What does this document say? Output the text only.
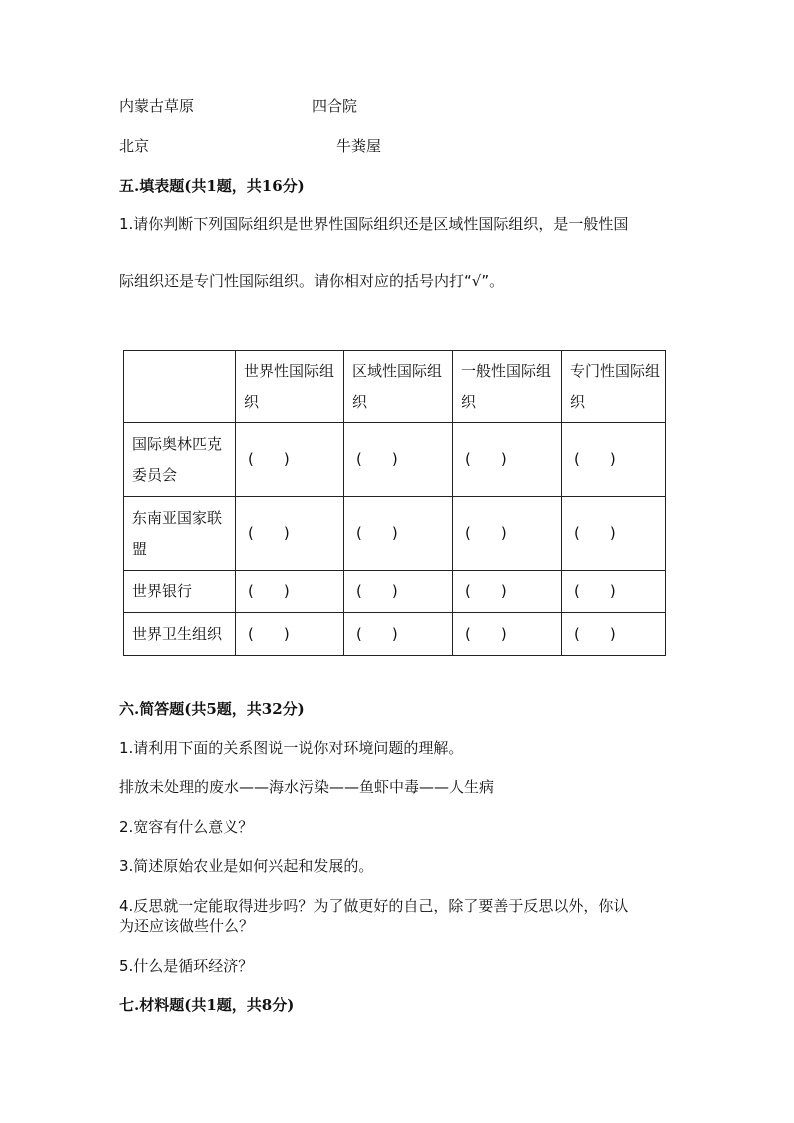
内蒙古草原	四合院
北京	牛粪屋
五.填表题(共1题，共16分)
1.请你判断下列国际组织是世界性国际组织还是区域性国际组织，是一般性国
际组织还是专门性国际组织。请你相对应的括号内打“√”。
	世界性国际组织	区域性国际组织	一般性国际组织	专门性国际组织
国际奥林匹克委员会	(　　)	(　　)	(　　)	(　　)
东南亚国家联盟	(　　)	(　　)	(　　)	(　　)
世界银行	(　　)	(　　)	(　　)	(　　)
世界卫生组织	(　　)	(　　)	(　　)	(　　)
六.简答题(共5题，共32分)
1.请利用下面的关系图说一说你对环境问题的理解。
排放未处理的废水——海水污染——鱼虾中毒——人生病
2.宽容有什么意义？
3.简述原始农业是如何兴起和发展的。
4.反思就一定能取得进步吗？为了做更好的自己，除了要善于反思以外，你认
为还应该做些什么？
5.什么是循环经济？
七.材料题(共1题，共8分)
